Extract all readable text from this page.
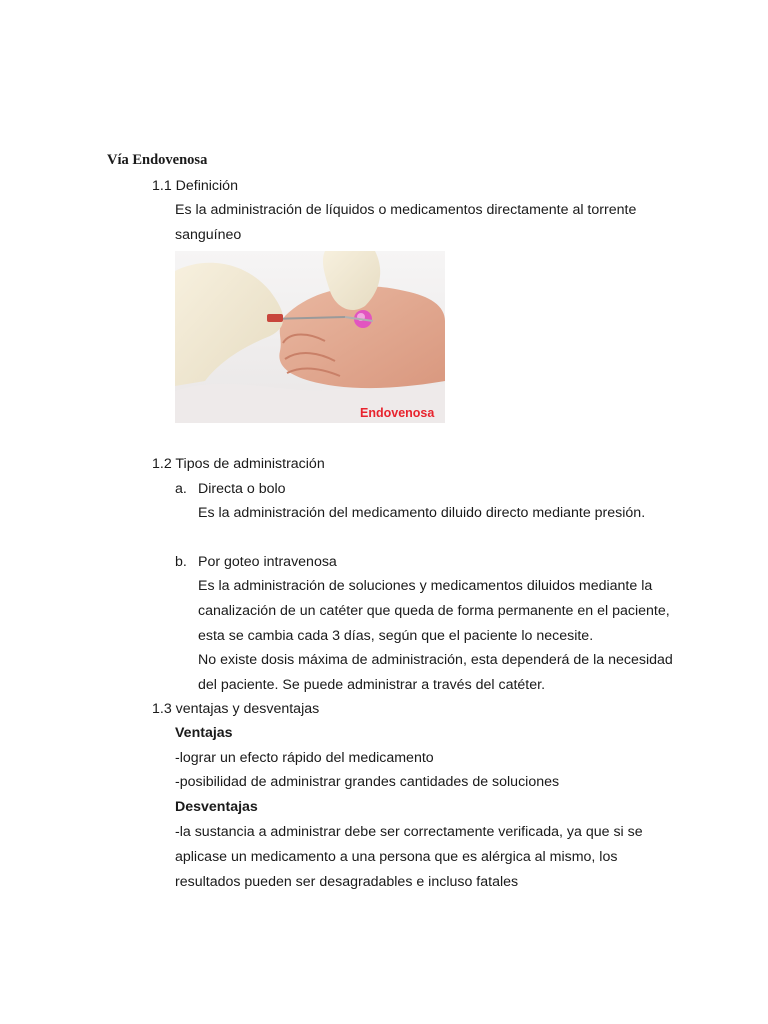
Vía Endovenosa
1.1 Definición
Es la administración de líquidos o medicamentos directamente al torrente
sanguíneo
Endovenosa
1.2 Tipos de administración
a. Directa o bolo
Es la administración del medicamento diluido directo mediante presión.
b. Por goteo intravenosa
Es la administración de soluciones y medicamentos diluidos mediante la
canalización de un catéter que queda de forma permanente en el paciente,
esta se cambia cada 3 días, según que el paciente lo necesite.
No existe dosis máxima de administración, esta dependerá de la necesidad
del paciente. Se puede administrar a través del catéter.
1.3 ventajas y desventajas
Ventajas
-lograr un efecto rápido del medicamento
-posibilidad de administrar grandes cantidades de soluciones
Desventajas
-la sustancia a administrar debe ser correctamente verificada, ya que si se
aplicase un medicamento a una persona que es alérgica al mismo, los
resultados pueden ser desagradables e incluso fatales
